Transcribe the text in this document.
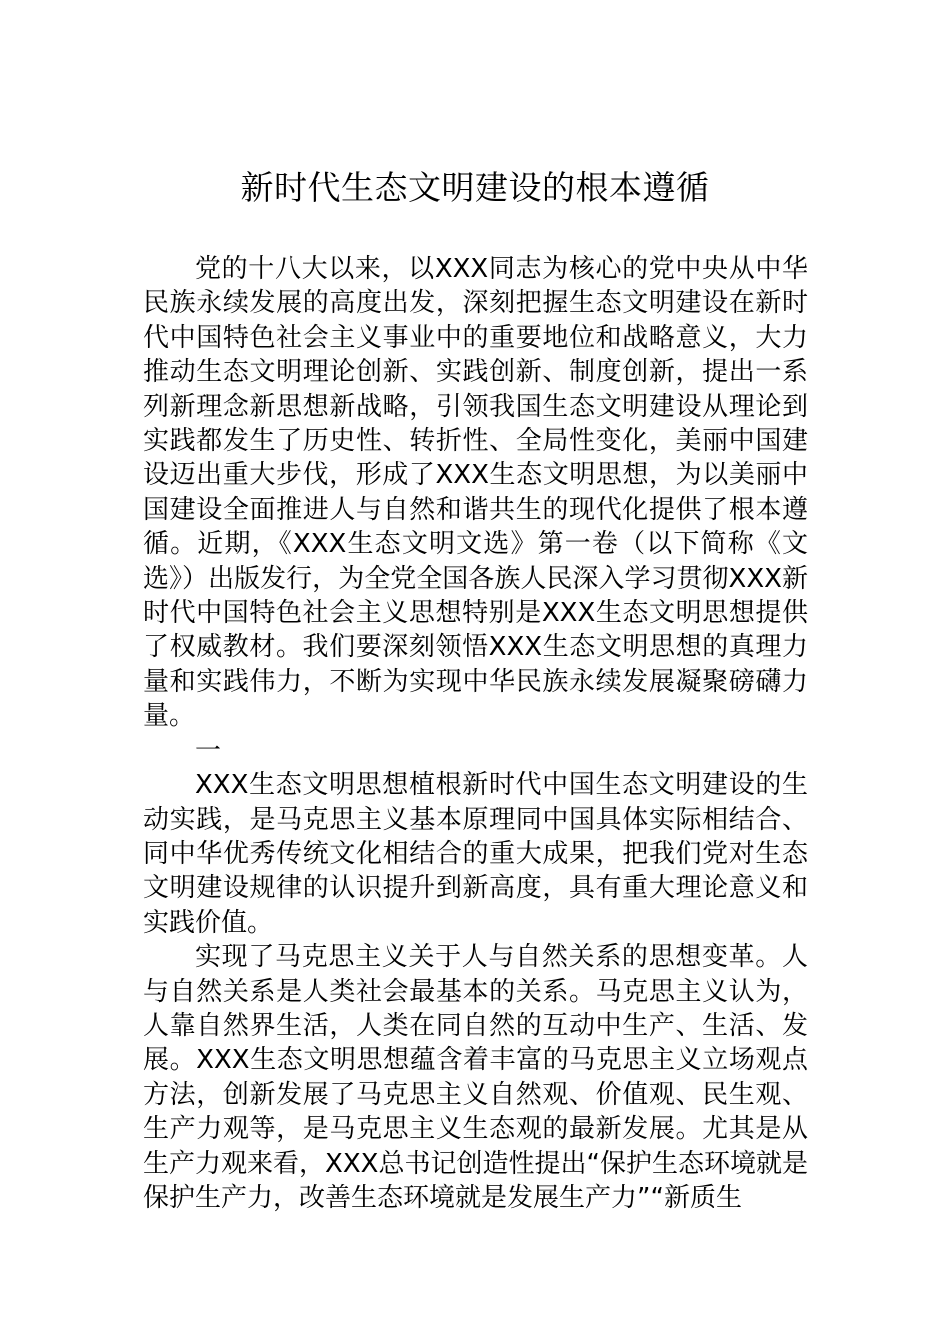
新时代生态文明建设的根本遵循

党的十八大以来，以XXX同志为核心的党中央从中华民族永续发展的高度出发，深刻把握生态文明建设在新时代中国特色社会主义事业中的重要地位和战略意义，大力推动生态文明理论创新、实践创新、制度创新，提出一系列新理念新思想新战略，引领我国生态文明建设从理论到实践都发生了历史性、转折性、全局性变化，美丽中国建设迈出重大步伐，形成了XXX生态文明思想，为以美丽中国建设全面推进人与自然和谐共生的现代化提供了根本遵循。近期，《XXX生态文明文选》第一卷（以下简称《文选》）出版发行，为全党全国各族人民深入学习贯彻XXX新时代中国特色社会主义思想特别是XXX生态文明思想提供了权威教材。我们要深刻领悟XXX生态文明思想的真理力量和实践伟力，不断为实现中华民族永续发展凝聚磅礴力量。

一

XXX生态文明思想植根新时代中国生态文明建设的生动实践，是马克思主义基本原理同中国具体实际相结合、同中华优秀传统文化相结合的重大成果，把我们党对生态文明建设规律的认识提升到新高度，具有重大理论意义和实践价值。

实现了马克思主义关于人与自然关系的思想变革。人与自然关系是人类社会最基本的关系。马克思主义认为，人靠自然界生活，人类在同自然的互动中生产、生活、发展。XXX生态文明思想蕴含着丰富的马克思主义立场观点方法，创新发展了马克思主义自然观、价值观、民生观、生产力观等，是马克思主义生态观的最新发展。尤其是从生产力观来看，XXX总书记创造性提出“保护生态环境就是保护生产力，改善生态环境就是发展生产力”“新质生
